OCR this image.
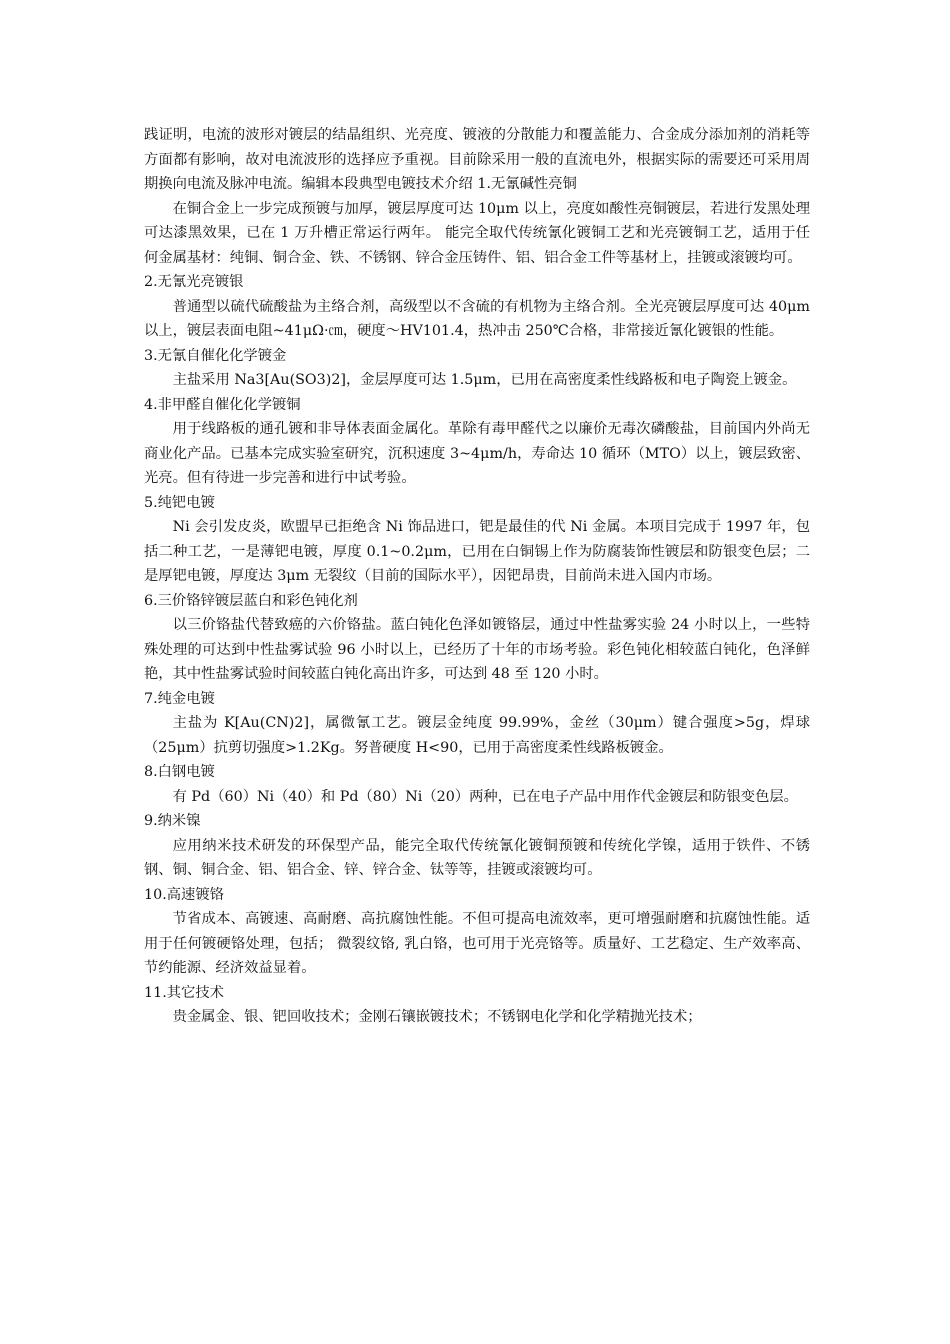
践证明，电流的波形对镀层的结晶组织、光亮度、镀液的分散能力和覆盖能力、合金成分添加剂的消耗等方面都有影响，故对电流波形的选择应予重视。目前除采用一般的直流电外，根据实际的需要还可采用周期换向电流及脉冲电流。编辑本段典型电镀技术介绍 1.无氰碱性亮铜

在铜合金上一步完成预镀与加厚，镀层厚度可达 10μm 以上，亮度如酸性亮铜镀层，若进行发黑处理可达漆黑效果，已在 1 万升槽正常运行两年。 能完全取代传统氰化镀铜工艺和光亮镀铜工艺，适用于任何金属基材：纯铜、铜合金、铁、不锈钢、锌合金压铸件、铝、铝合金工件等基材上，挂镀或滚镀均可。

2.无氰光亮镀银

普通型以硫代硫酸盐为主络合剂，高级型以不含硫的有机物为主络合剂。全光亮镀层厚度可达 40μm 以上，镀层表面电阻~41μΩ·㎝，硬度～HV101.4，热冲击 250℃合格，非常接近氰化镀银的性能。

3.无氰自催化化学镀金

主盐采用 Na3[Au(SO3)2]，金层厚度可达 1.5μm，已用在高密度柔性线路板和电子陶瓷上镀金。

4.非甲醛自催化化学镀铜

用于线路板的通孔镀和非导体表面金属化。革除有毒甲醛代之以廉价无毒次磷酸盐，目前国内外尚无商业化产品。已基本完成实验室研究，沉积速度 3~4μm/h，寿命达 10 循环（MTO）以上，镀层致密、光亮。但有待进一步完善和进行中试考验。

5.纯钯电镀

Ni 会引发皮炎，欧盟早已拒绝含 Ni 饰品进口，钯是最佳的代 Ni 金属。本项目完成于 1997 年，包括二种工艺，一是薄钯电镀，厚度 0.1~0.2μm，已用在白铜锡上作为防腐装饰性镀层和防银变色层；二是厚钯电镀，厚度达 3μm 无裂纹（目前的国际水平），因钯昂贵，目前尚未进入国内市场。

6.三价铬锌镀层蓝白和彩色钝化剂

以三价铬盐代替致癌的六价铬盐。蓝白钝化色泽如镀铬层，通过中性盐雾实验 24 小时以上，一些特殊处理的可达到中性盐雾试验 96 小时以上，已经历了十年的市场考验。彩色钝化相较蓝白钝化，色泽鲜艳，其中性盐雾试验时间较蓝白钝化高出许多，可达到 48 至 120 小时。

7.纯金电镀

主盐为 K[Au(CN)2]，属微氰工艺。镀层金纯度 99.99%，金丝（30μm）键合强度>5g，焊球（25μm）抗剪切强度>1.2Kg。努普硬度 H<90，已用于高密度柔性线路板镀金。

8.白钢电镀

有 Pd（60）Ni（40）和 Pd（80）Ni（20）两种，已在电子产品中用作代金镀层和防银变色层。

9.纳米镍

应用纳米技术研发的环保型产品，能完全取代传统氰化镀铜预镀和传统化学镍，适用于铁件、不锈钢、铜、铜合金、铝、铝合金、锌、锌合金、钛等等，挂镀或滚镀均可。

10.高速镀铬

节省成本、高镀速、高耐磨、高抗腐蚀性能。不但可提高电流效率，更可增强耐磨和抗腐蚀性能。适用于任何镀硬铬处理，包括； 微裂纹铬, 乳白铬，也可用于光亮铬等。质量好、工艺稳定、生产效率高、节约能源、经济效益显着。

11.其它技术

贵金属金、银、钯回收技术；金刚石镶嵌镀技术；不锈钢电化学和化学精抛光技术；
